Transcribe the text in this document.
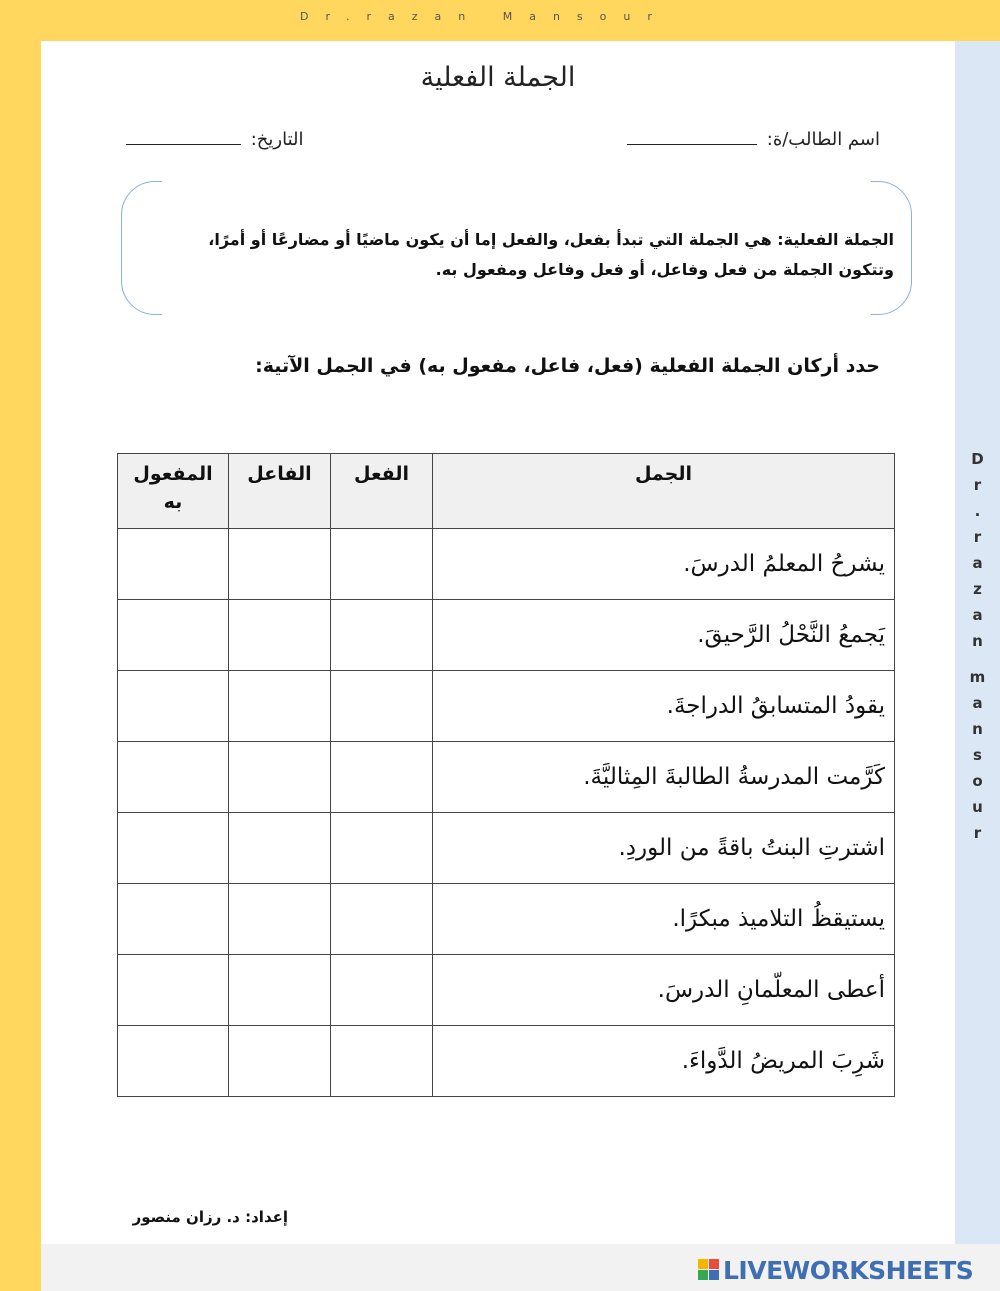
Dr.razan Mansour
D
r
.
r
a
z
a
n
m
a
n
s
o
u
r
الجملة الفعلية
اسم الطالب/ة:
التاريخ:
الجملة الفعلية: هي الجملة التي تبدأ بفعل، والفعل إما أن يكون ماضيًا أو مضارعًا أو أمرًا،
وتتكون الجملة من فعل وفاعل، أو فعل وفاعل ومفعول به.
حدد أركان الجملة الفعلية (فعل، فاعل، مفعول به) في الجمل الآتية:
الجمل	الفعل	الفاعل	المفعول
به

يشرحُ المعلمُ الدرسَ.			
يَجمعُ النَّحْلُ الرَّحيقَ.			
يقودُ المتسابقُ الدراجةَ.			
كَرَّمت المدرسةُ الطالبةَ المِثاليَّةَ.			
اشترتِ البنتُ باقةً من الوردِ.			
يستيقظُ التلاميذ مبكرًا.			
أعطى المعلّمانِ الدرسَ.			
شَرِبَ المريضُ الدَّواءَ.			
إعداد: د. رزان منصور
LIVEWORKSHEETS
